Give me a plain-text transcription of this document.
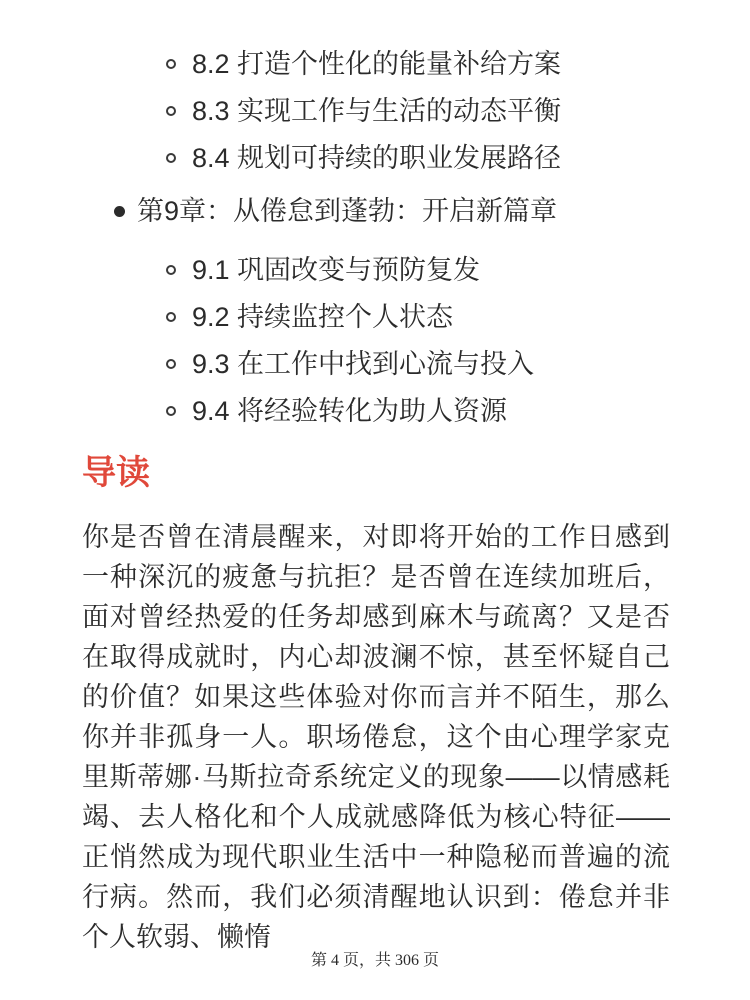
8.2 打造个性化的能量补给方案
8.3 实现工作与生活的动态平衡
8.4 规划可持续的职业发展路径
第9章：从倦怠到蓬勃：开启新篇章
9.1 巩固改变与预防复发
9.2 持续监控个人状态
9.3 在工作中找到心流与投入
9.4 将经验转化为助人资源
导读

你是否曾在清晨醒来，对即将开始的工作日感到一种深沉的疲惫与抗拒？是否曾在连续加班后，面对曾经热爱的任务却感到麻木与疏离？又是否在取得成就时，内心却波澜不惊，甚至怀疑自己的价值？如果这些体验对你而言并不陌生，那么你并非孤身一人。职场倦怠，这个由心理学家克里斯蒂娜·马斯拉奇系统定义的现象——以情感耗竭、去人格化和个人成就感降低为核心特征——正悄然成为现代职业生活中一种隐秘而普遍的流行病。然而，我们必须清醒地认识到：倦怠并非个人软弱、懒惰

第 4 页，共 306 页
